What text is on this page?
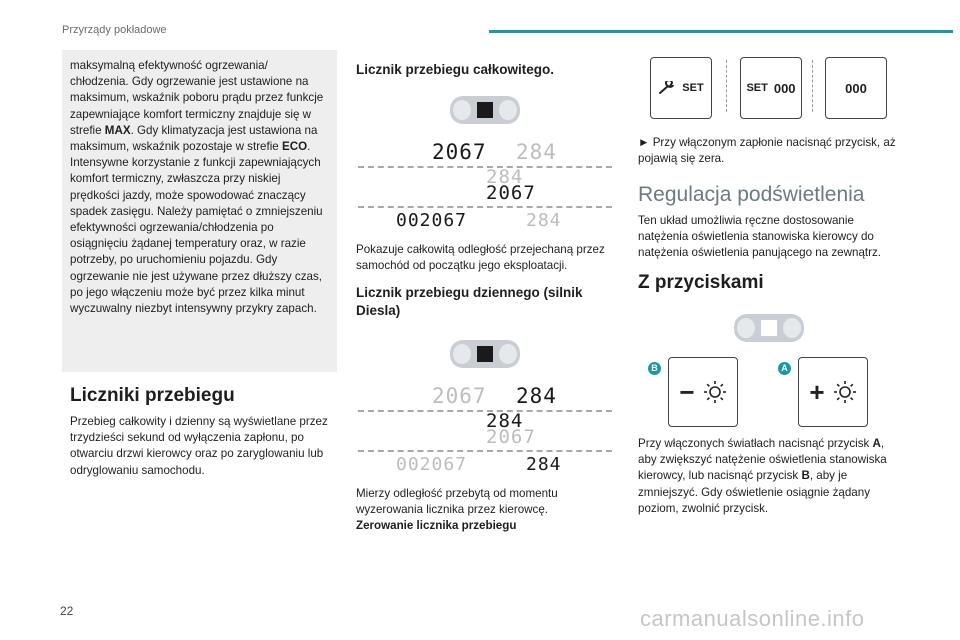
Przyrządy pokładowe

maksymalną efektywność ogrzewania/ chłodzenia. Gdy ogrzewanie jest ustawione na maksimum, wskaźnik poboru prądu przez funkcje zapewniające komfort termiczny znajduje się w strefie MAX. Gdy klimatyzacja jest ustawiona na maksimum, wskaźnik pozostaje w strefie ECO. Intensywne korzystanie z funkcji zapewniających komfort termiczny, zwłaszcza przy niskiej prędkości jazdy, może spowodować znaczący spadek zasięgu. Należy pamiętać o zmniejszeniu efektywności ogrzewania/chłodzenia po osiągnięciu żądanej temperatury oraz, w razie potrzeby, po uruchomieniu pojazdu. Gdy ogrzewanie nie jest używane przez dłuższy czas, po jego włączeniu może być przez kilka minut wyczuwalny niezbyt intensywny przykry zapach.

Liczniki przebiegu
Przebieg całkowity i dzienny są wyświetlane przez trzydzieści sekund od wyłączenia zapłonu, po otwarciu drzwi kierowcy oraz po zaryglowaniu lub odryglowaniu samochodu.
Licznik przebiegu całkowitego.
2067 284
284
2067
002067	284
Pokazuje całkowitą odległość przejechaną przez samochód od początku jego eksploatacji.
Licznik przebiegu dziennego (silnik Diesla)
2067 284
284
2067
002067	284
Mierzy odległość przebytą od momentu wyzerowania licznika przez kierowcę.
Zerowanie licznika przebiegu
SET	SET 000	000
► Przy włączonym zapłonie nacisnąć przycisk, aż pojawią się zera.
Regulacja podświetlenia
Ten układ umożliwia ręczne dostosowanie natężenia oświetlenia stanowiska kierowcy do natężenia oświetlenia panującego na zewnątrz.
Z przyciskami
B
−
A
+
Przy włączonych światłach nacisnąć przycisk A, aby zwiększyć natężenie oświetlenia stanowiska kierowcy, lub nacisnąć przycisk B, aby je zmniejszyć. Gdy oświetlenie osiągnie żądany poziom, zwolnić przycisk.
22	carmanualsonline.info
